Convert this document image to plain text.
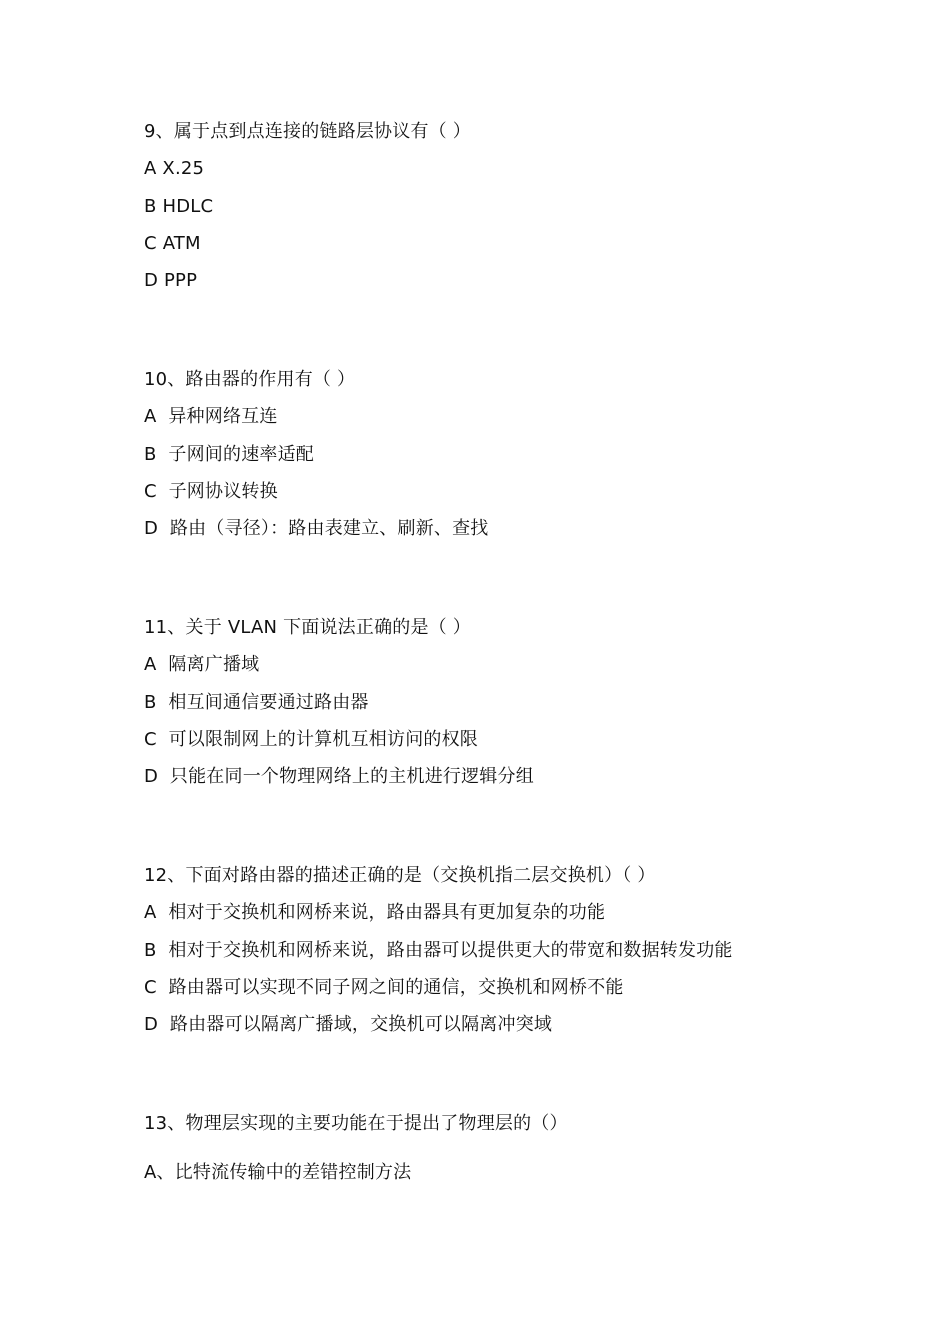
9、属于点到点连接的链路层协议有（ ）
A X.25
B HDLC
C ATM
D PPP
10、路由器的作用有（ ）
A  异种网络互连
B  子网间的速率适配
C  子网协议转换
D  路由（寻径）：路由表建立、刷新、查找
11、关于 VLAN 下面说法正确的是（ ）
A  隔离广播域
B  相互间通信要通过路由器
C  可以限制网上的计算机互相访问的权限
D  只能在同一个物理网络上的主机进行逻辑分组
12、下面对路由器的描述正确的是（交换机指二层交换机）（ ）
A  相对于交换机和网桥来说，路由器具有更加复杂的功能
B  相对于交换机和网桥来说，路由器可以提供更大的带宽和数据转发功能
C  路由器可以实现不同子网之间的通信，交换机和网桥不能
D  路由器可以隔离广播域，交换机可以隔离冲突域
13、物理层实现的主要功能在于提出了物理层的（）
A、比特流传输中的差错控制方法
